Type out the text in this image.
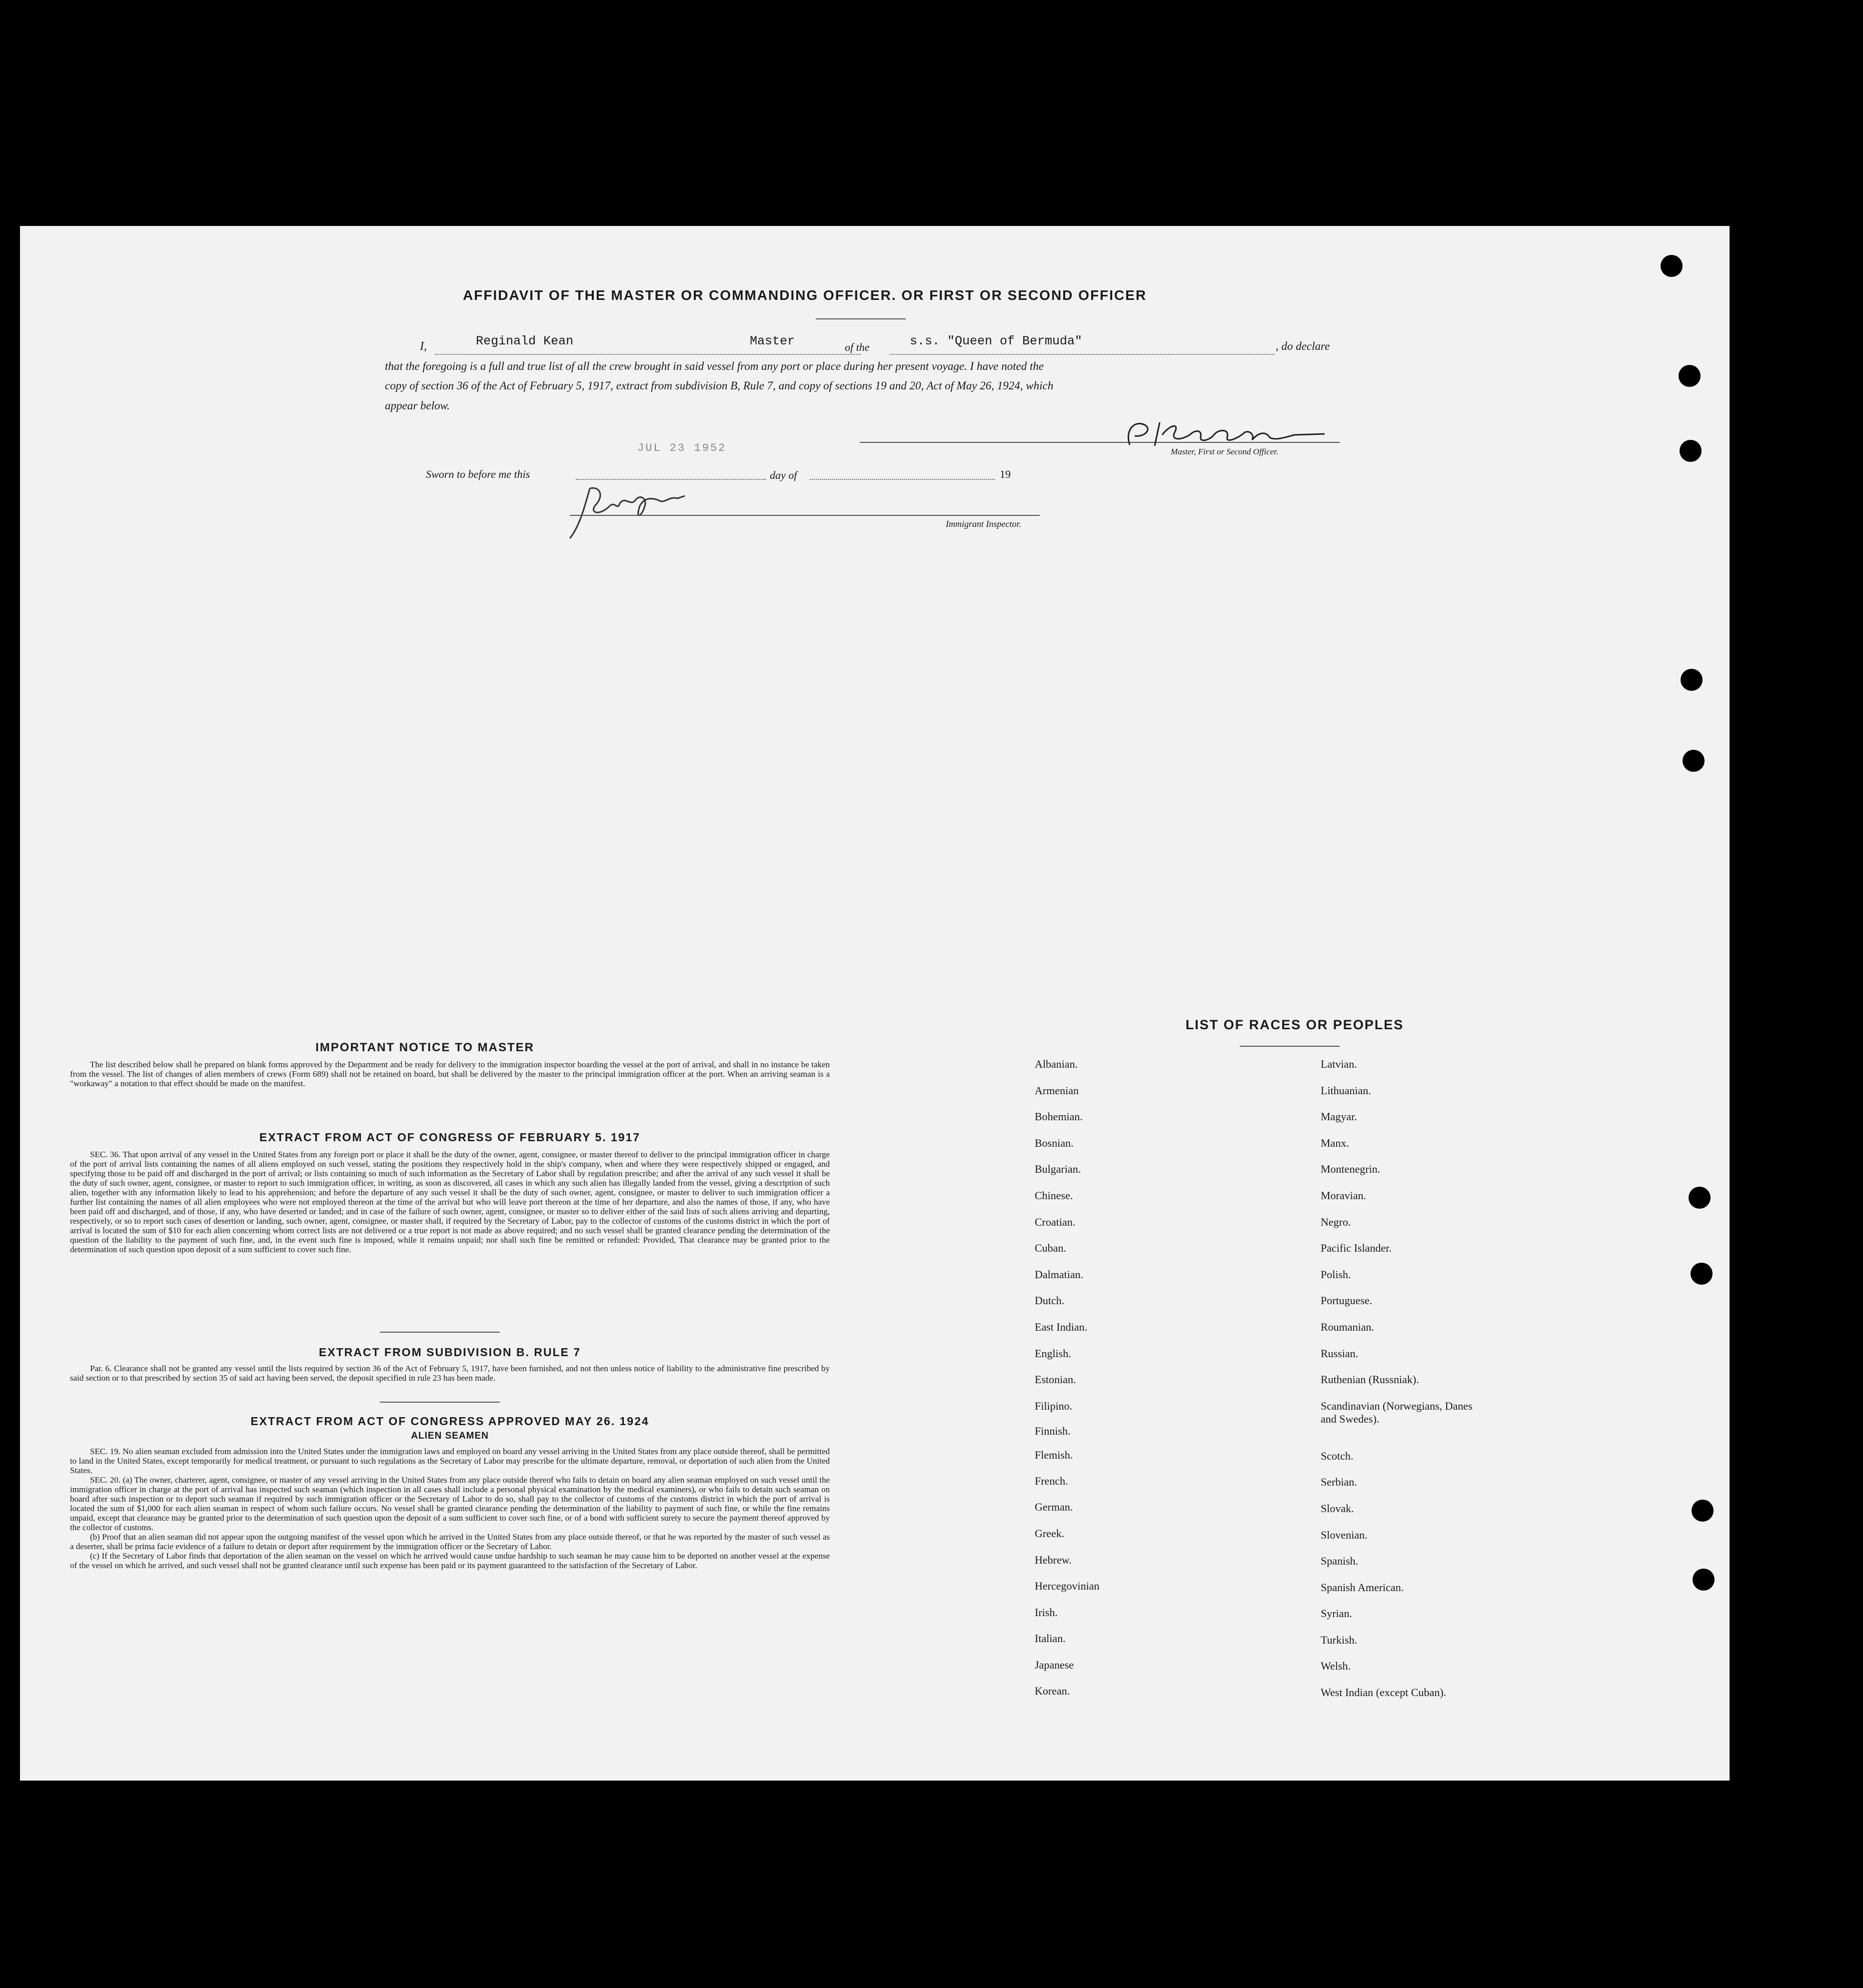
AFFIDAVIT OF THE MASTER OR COMMANDING OFFICER. OR FIRST OR SECOND OFFICER
I,	Reginald Kean	Master	of the	s.s. "Queen of Bermuda"	, do declare
that the foregoing is a full and true list of all the crew brought in said vessel from any port or place during her present voyage. I have noted the
copy of section 36 of the Act of February 5, 1917, extract from subdivision B, Rule 7, and copy of sections 19 and 20, Act of May 26, 1924, which
appear below.
Master, First or Second Officer.
JUL 23 1952
Sworn to before me this	day of	19
Immigrant Inspector.
IMPORTANT NOTICE TO MASTER
The list described below shall be prepared on blank forms approved by the Department and be ready for delivery to the immigration inspector boarding the vessel at the port of arrival, and shall in no instance be taken from the vessel. The list of changes of alien members of crews (Form 689) shall not be retained on board, but shall be delivered by the master to the principal immigration officer at the port. When an arriving seaman is a "workaway" a notation to that effect should be made on the manifest.
EXTRACT FROM ACT OF CONGRESS OF FEBRUARY 5. 1917
SEC. 36. That upon arrival of any vessel in the United States from any foreign port or place it shall be the duty of the owner, agent, consignee, or master thereof to deliver to the principal immigration officer in charge of the port of arrival lists containing the names of all aliens employed on such vessel, stating the positions they respectively hold in the ship's company, when and where they were respectively shipped or engaged, and specifying those to be paid off and discharged in the port of arrival; or lists containing so much of such information as the Secretary of Labor shall by regulation prescribe; and after the arrival of any such vessel it shall be the duty of such owner, agent, consignee, or master to report to such immigration officer, in writing, as soon as discovered, all cases in which any such alien has illegally landed from the vessel, giving a description of such alien, together with any information likely to lead to his apprehension; and before the departure of any such vessel it shall be the duty of such owner, agent, consignee, or master to deliver to such immigration officer a further list containing the names of all alien employees who were not employed thereon at the time of the arrival but who will leave port thereon at the time of her departure, and also the names of those, if any, who have been paid off and discharged, and of those, if any, who have deserted or landed; and in case of the failure of such owner, agent, consignee, or master so to deliver either of the said lists of such aliens arriving and departing, respectively, or so to report such cases of desertion or landing, such owner, agent, consignee, or master shall, if required by the Secretary of Labor, pay to the collector of customs of the customs district in which the port of arrival is located the sum of $10 for each alien concerning whom correct lists are not delivered or a true report is not made as above required; and no such vessel shall be granted clearance pending the determination of the question of the liability to the payment of such fine, and, in the event such fine is imposed, while it remains unpaid; nor shall such fine be remitted or refunded: Provided, That clearance may be granted prior to the determination of such question upon deposit of a sum sufficient to cover such fine.
EXTRACT FROM SUBDIVISION B. RULE 7
Par. 6. Clearance shall not be granted any vessel until the lists required by section 36 of the Act of February 5, 1917, have been furnished, and not then unless notice of liability to the administrative fine prescribed by said section or to that prescribed by section 35 of said act having been served, the deposit specified in rule 23 has been made.
EXTRACT FROM ACT OF CONGRESS APPROVED MAY 26. 1924
ALIEN SEAMEN
SEC. 19. No alien seaman excluded from admission into the United States under the immigration laws and employed on board any vessel arriving in the United States from any place outside thereof, shall be permitted to land in the United States, except temporarily for medical treatment, or pursuant to such regulations as the Secretary of Labor may prescribe for the ultimate departure, removal, or deportation of such alien from the United States.
SEC. 20. (a) The owner, charterer, agent, consignee, or master of any vessel arriving in the United States from any place outside thereof who fails to detain on board any alien seaman employed on such vessel until the immigration officer in charge at the port of arrival has inspected such seaman (which inspection in all cases shall include a personal physical examination by the medical examiners), or who fails to detain such seaman on board after such inspection or to deport such seaman if required by such immigration officer or the Secretary of Labor to do so, shall pay to the collector of customs of the customs district in which the port of arrival is located the sum of $1,000 for each alien seaman in respect of whom such failure occurs. No vessel shall be granted clearance pending the determination of the liability to payment of such fine, or while the fine remains unpaid, except that clearance may be granted prior to the determination of such question upon the deposit of a sum sufficient to cover such fine, or of a bond with sufficient surety to secure the payment thereof approved by the collector of customs.
(b) Proof that an alien seaman did not appear upon the outgoing manifest of the vessel upon which he arrived in the United States from any place outside thereof, or that he was reported by the master of such vessel as a deserter, shall be prima facie evidence of a failure to detain or deport after requirement by the immigration officer or the Secretary of Labor.
(c) If the Secretary of Labor finds that deportation of the alien seaman on the vessel on which he arrived would cause undue hardship to such seaman he may cause him to be deported on another vessel at the expense of the vessel on which he arrived, and such vessel shall not be granted clearance until such expense has been paid or its payment guaranteed to the satisfaction of the Secretary of Labor.
LIST OF RACES OR PEOPLES
Albanian.
Armenian
Bohemian.
Bosnian.
Bulgarian.
Chinese.
Croatian.
Cuban.
Dalmatian.
Dutch.
East Indian.
English.
Estonian.
Filipino.
Finnish.
Flemish.
French.
German.
Greek.
Hebrew.
Hercegovinian
Irish.
Italian.
Japanese
Korean.
Latvian.
Lithuanian.
Magyar.
Manx.
Montenegrin.
Moravian.
Negro.
Pacific Islander.
Polish.
Portuguese.
Roumanian.
Russian.
Ruthenian (Russniak).
Scandinavian (Norwegians, Danes and Swedes).
Scotch.
Serbian.
Slovak.
Slovenian.
Spanish.
Spanish American.
Syrian.
Turkish.
Welsh.
West Indian (except Cuban).
